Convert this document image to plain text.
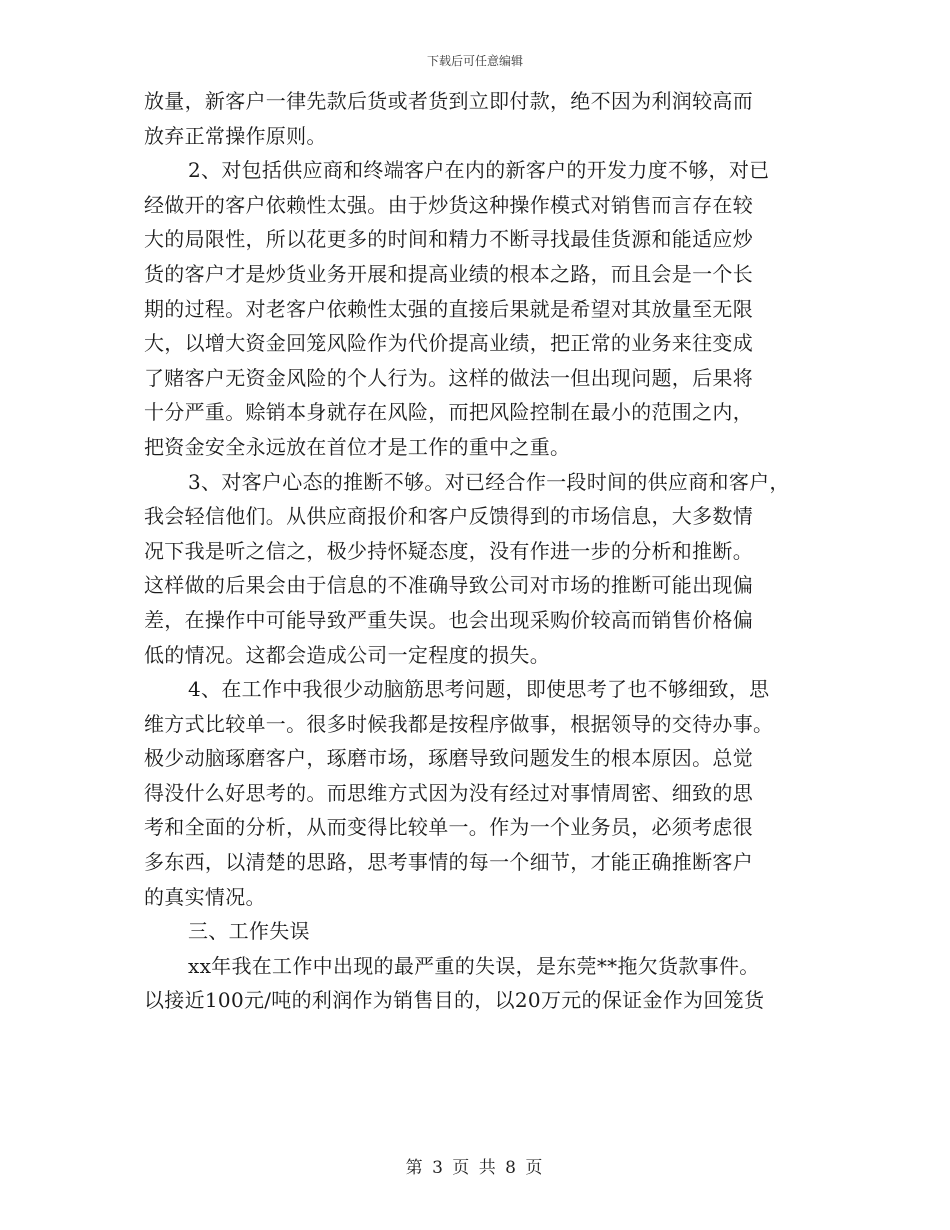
下载后可任意编辑
放量，新客户一律先款后货或者货到立即付款，绝不因为利润较高而
放弃正常操作原则。
2、对包括供应商和终端客户在内的新客户的开发力度不够，对已
经做开的客户依赖性太强。由于炒货这种操作模式对销售而言存在较
大的局限性，所以花更多的时间和精力不断寻找最佳货源和能适应炒
货的客户才是炒货业务开展和提高业绩的根本之路，而且会是一个长
期的过程。对老客户依赖性太强的直接后果就是希望对其放量至无限
大，以增大资金回笼风险作为代价提高业绩，把正常的业务来往变成
了赌客户无资金风险的个人行为。这样的做法一但出现问题，后果将
十分严重。赊销本身就存在风险，而把风险控制在最小的范围之内，
把资金安全永远放在首位才是工作的重中之重。
3、对客户心态的推断不够。对已经合作一段时间的供应商和客户，
我会轻信他们。从供应商报价和客户反馈得到的市场信息，大多数情
况下我是听之信之，极少持怀疑态度，没有作进一步的分析和推断。
这样做的后果会由于信息的不准确导致公司对市场的推断可能出现偏
差，在操作中可能导致严重失误。也会出现采购价较高而销售价格偏
低的情况。这都会造成公司一定程度的损失。
4、在工作中我很少动脑筋思考问题，即使思考了也不够细致，思
维方式比较单一。很多时候我都是按程序做事，根据领导的交待办事。
极少动脑琢磨客户，琢磨市场，琢磨导致问题发生的根本原因。总觉
得没什么好思考的。而思维方式因为没有经过对事情周密、细致的思
考和全面的分析，从而变得比较单一。作为一个业务员，必须考虑很
多东西，以清楚的思路，思考事情的每一个细节，才能正确推断客户
的真实情况。
三、工作失误
xx年我在工作中出现的最严重的失误，是东莞**拖欠货款事件。
以接近100元/吨的利润作为销售目的，以20万元的保证金作为回笼货
第 3 页 共 8 页
